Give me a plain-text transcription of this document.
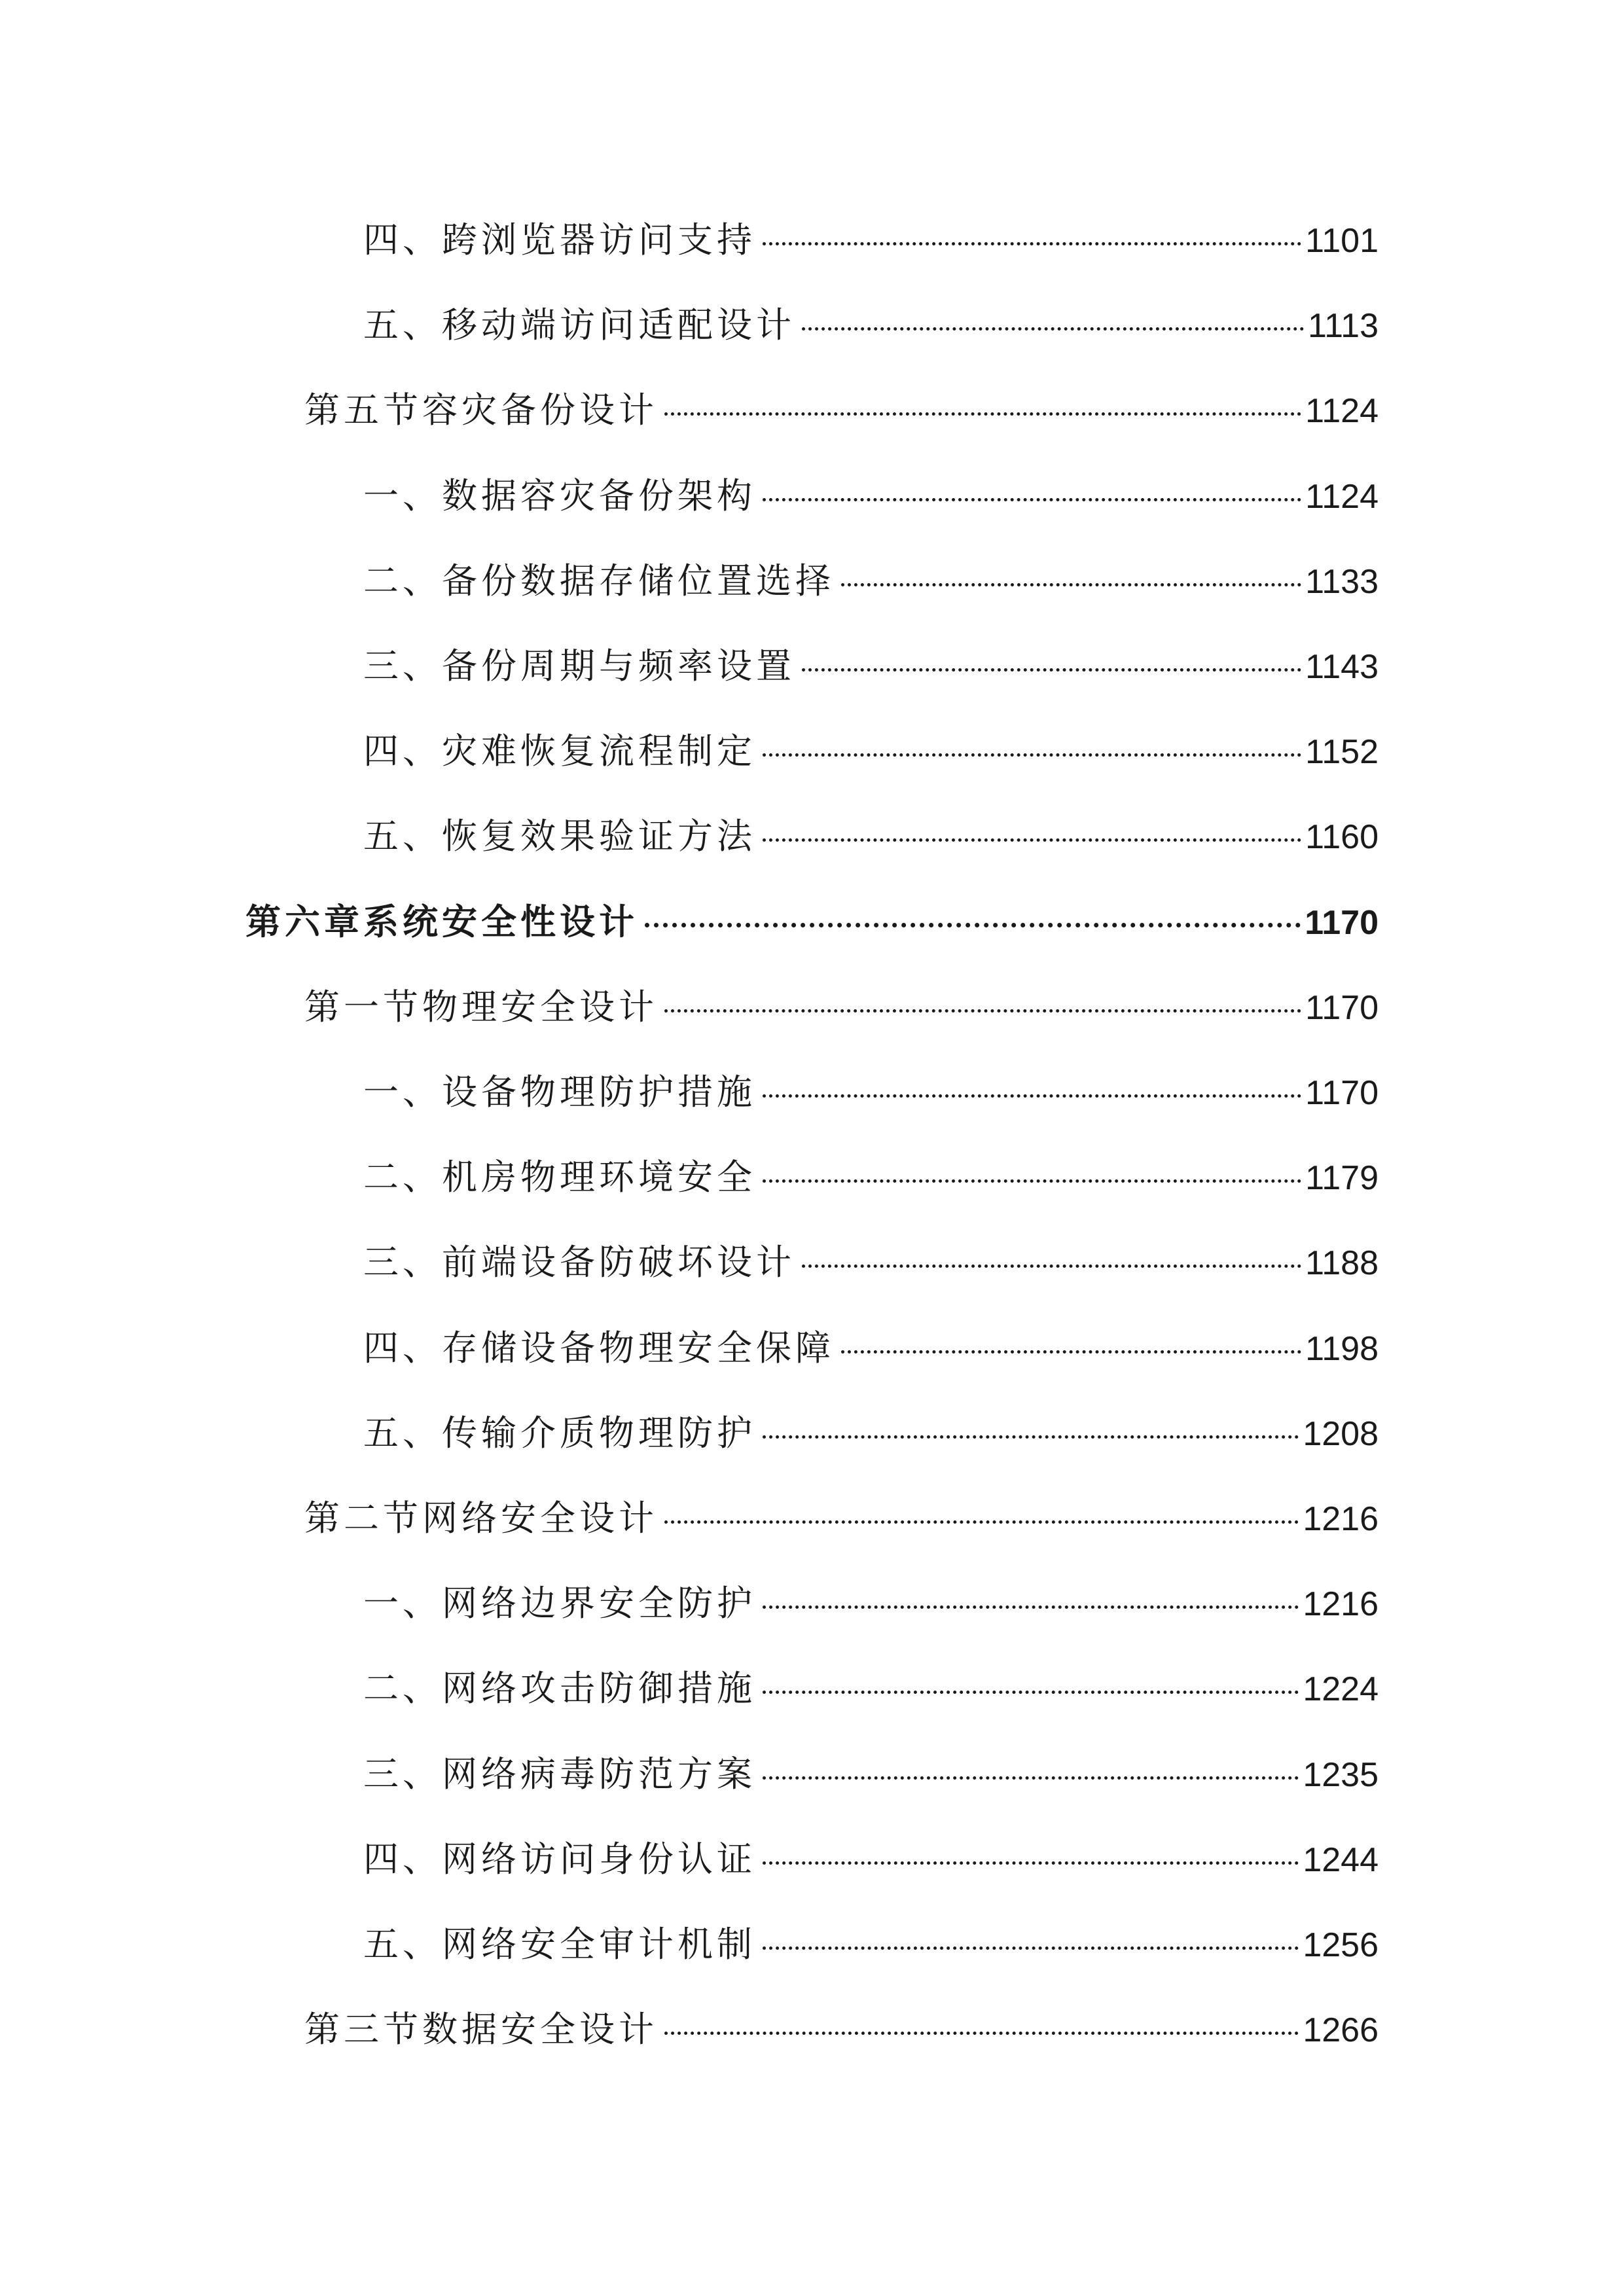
四、跨浏览器访问支持	1101
五、移动端访问适配设计	1113
第五节容灾备份设计	1124
一、数据容灾备份架构	1124
二、备份数据存储位置选择	1133
三、备份周期与频率设置	1143
四、灾难恢复流程制定	1152
五、恢复效果验证方法	1160
第六章系统安全性设计	1170
第一节物理安全设计	1170
一、设备物理防护措施	1170
二、机房物理环境安全	1179
三、前端设备防破坏设计	1188
四、存储设备物理安全保障	1198
五、传输介质物理防护	1208
第二节网络安全设计	1216
一、网络边界安全防护	1216
二、网络攻击防御措施	1224
三、网络病毒防范方案	1235
四、网络访问身份认证	1244
五、网络安全审计机制	1256
第三节数据安全设计	1266
